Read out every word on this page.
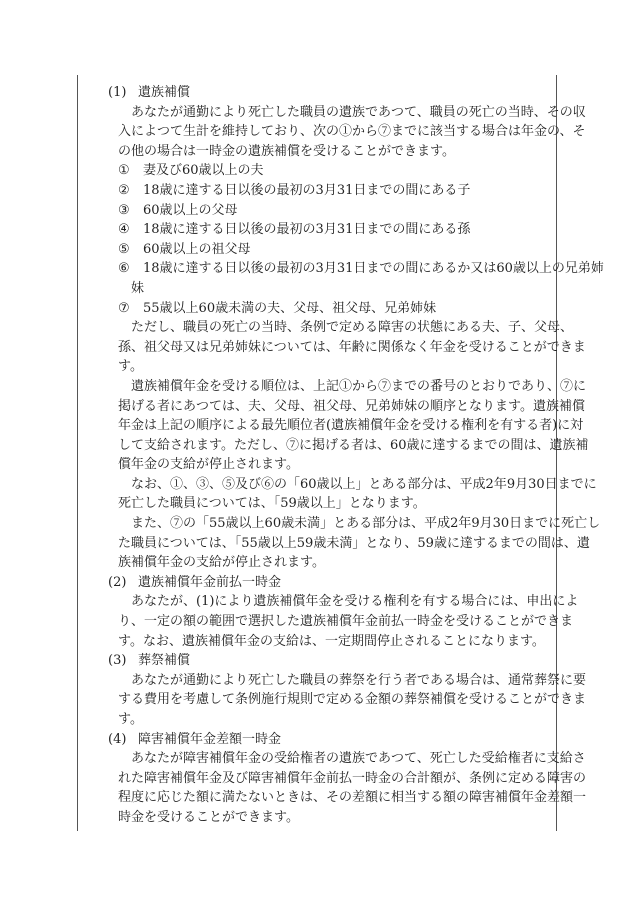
(1) 遺族補償
あなたが通勤により死亡した職員の遺族であつて、職員の死亡の当時、その収
入によつて生計を維持しており、次の①から⑦までに該当する場合は年金の、そ
の他の場合は一時金の遺族補償を受けることができます。
① 妻及び60歳以上の夫
② 18歳に達する日以後の最初の3月31日までの間にある子
③ 60歳以上の父母
④ 18歳に達する日以後の最初の3月31日までの間にある孫
⑤ 60歳以上の祖父母
⑥ 18歳に達する日以後の最初の3月31日までの間にあるか又は60歳以上の兄弟姉
妹
⑦ 55歳以上60歳未満の夫、父母、祖父母、兄弟姉妹
ただし、職員の死亡の当時、条例で定める障害の状態にある夫、子、父母、
孫、祖父母又は兄弟姉妹については、年齢に関係なく年金を受けることができま
す。
遺族補償年金を受ける順位は、上記①から⑦までの番号のとおりであり、⑦に
掲げる者にあつては、夫、父母、祖父母、兄弟姉妹の順序となります。遺族補償
年金は上記の順序による最先順位者(遺族補償年金を受ける権利を有する者)に対
して支給されます。ただし、⑦に掲げる者は、60歳に達するまでの間は、遺族補
償年金の支給が停止されます。
なお、①、③、⑤及び⑥の「60歳以上」とある部分は、平成2年9月30日までに
死亡した職員については、「59歳以上」となります。
また、⑦の「55歳以上60歳未満」とある部分は、平成2年9月30日までに死亡し
た職員については、「55歳以上59歳未満」となり、59歳に達するまでの間は、遺
族補償年金の支給が停止されます。
(2) 遺族補償年金前払一時金
あなたが、(1)により遺族補償年金を受ける権利を有する場合には、申出によ
り、一定の額の範囲で選択した遺族補償年金前払一時金を受けることができま
す。なお、遺族補償年金の支給は、一定期間停止されることになります。
(3) 葬祭補償
あなたが通勤により死亡した職員の葬祭を行う者である場合は、通常葬祭に要
する費用を考慮して条例施行規則で定める金額の葬祭補償を受けることができま
す。
(4) 障害補償年金差額一時金
あなたが障害補償年金の受給権者の遺族であつて、死亡した受給権者に支給さ
れた障害補償年金及び障害補償年金前払一時金の合計額が、条例に定める障害の
程度に応じた額に満たないときは、その差額に相当する額の障害補償年金差額一
時金を受けることができます。
